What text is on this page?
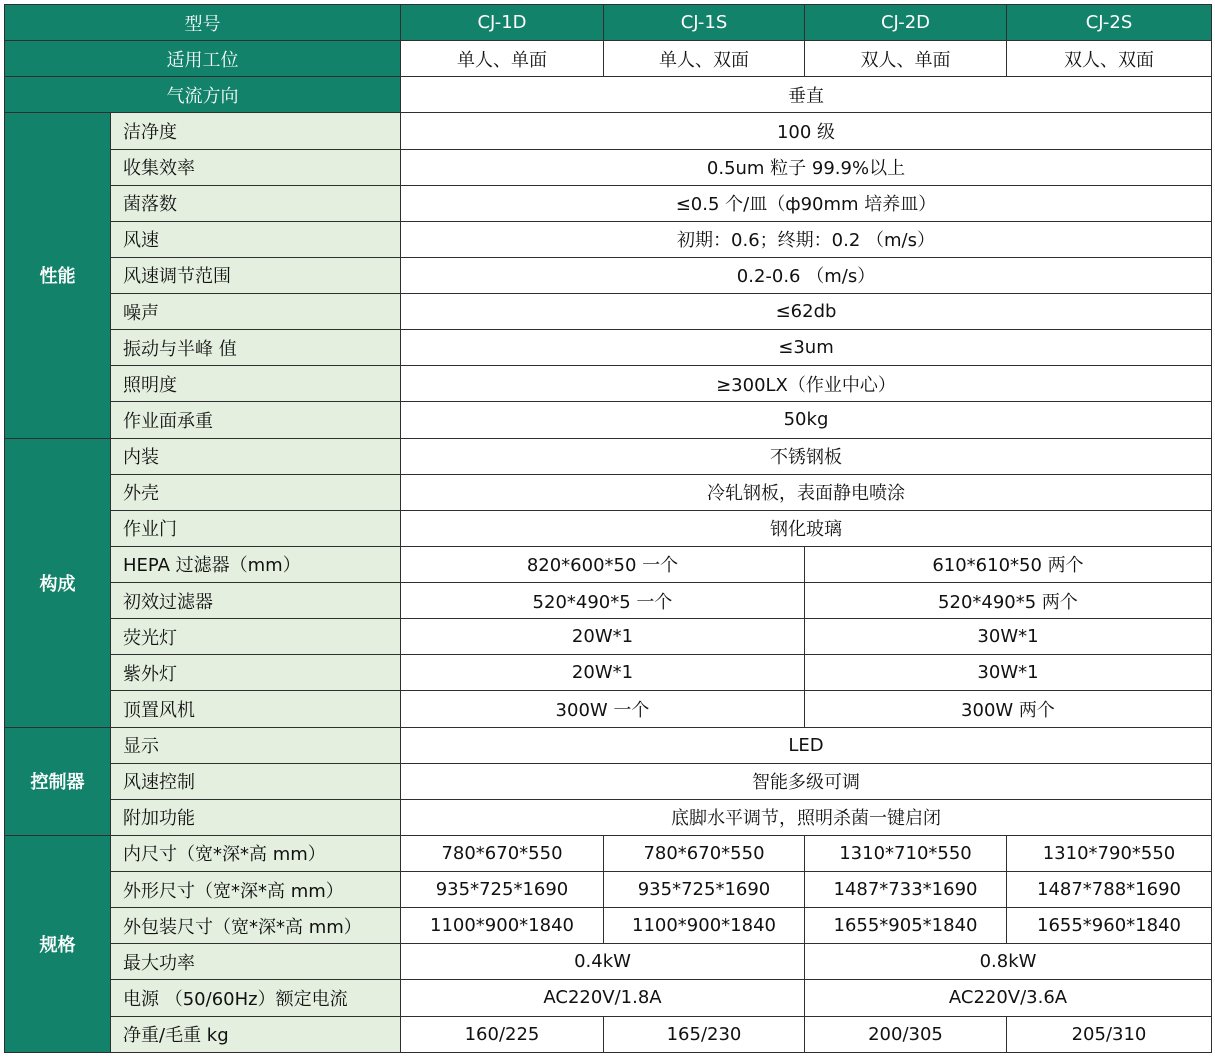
型号		CJ-1D	CJ-1S	CJ-2D	CJ-2S
适用工位		单人、单面	单人、双面	双人、单面	双人、双面
气流方向		垂直			
性能	洁净度	100 级			
	收集效率	0.5um 粒子 99.9%以上			
	菌落数	≤0.5 个/皿（ф90mm 培养皿）			
	风速	初期：0.6；终期：0.2 （m/s）			
	风速调节范围	0.2-0.6 （m/s）			
	噪声	≤62db			
	振动与半峰 值	≤3um			
	照明度	≥300LX（作业中心）			
	作业面承重	50kg			
构成	内装	不锈钢板			
	外壳	冷轧钢板，表面静电喷涂			
	作业门	钢化玻璃			
	HEPA 过滤器（mm）	820*600*50 一个		610*610*50 两个	
	初效过滤器	520*490*5 一个		520*490*5 两个	
	荧光灯	20W*1		30W*1	
	紫外灯	20W*1		30W*1	
	顶置风机	300W 一个		300W 两个	
控制器	显示	LED			
	风速控制	智能多级可调			
	附加功能	底脚水平调节，照明杀菌一键启闭			
规格	内尺寸（宽*深*高 mm）	780*670*550	780*670*550	1310*710*550	1310*790*550
	外形尺寸（宽*深*高 mm）	935*725*1690	935*725*1690	1487*733*1690	1487*788*1690
	外包装尺寸（宽*深*高 mm）	1100*900*1840	1100*900*1840	1655*905*1840	1655*960*1840
	最大功率	0.4kW		0.8kW	
	电源 （50/60Hz）额定电流	AC220V/1.8A		AC220V/3.6A	
	净重/毛重 kg	160/225	165/230	200/305	205/310
